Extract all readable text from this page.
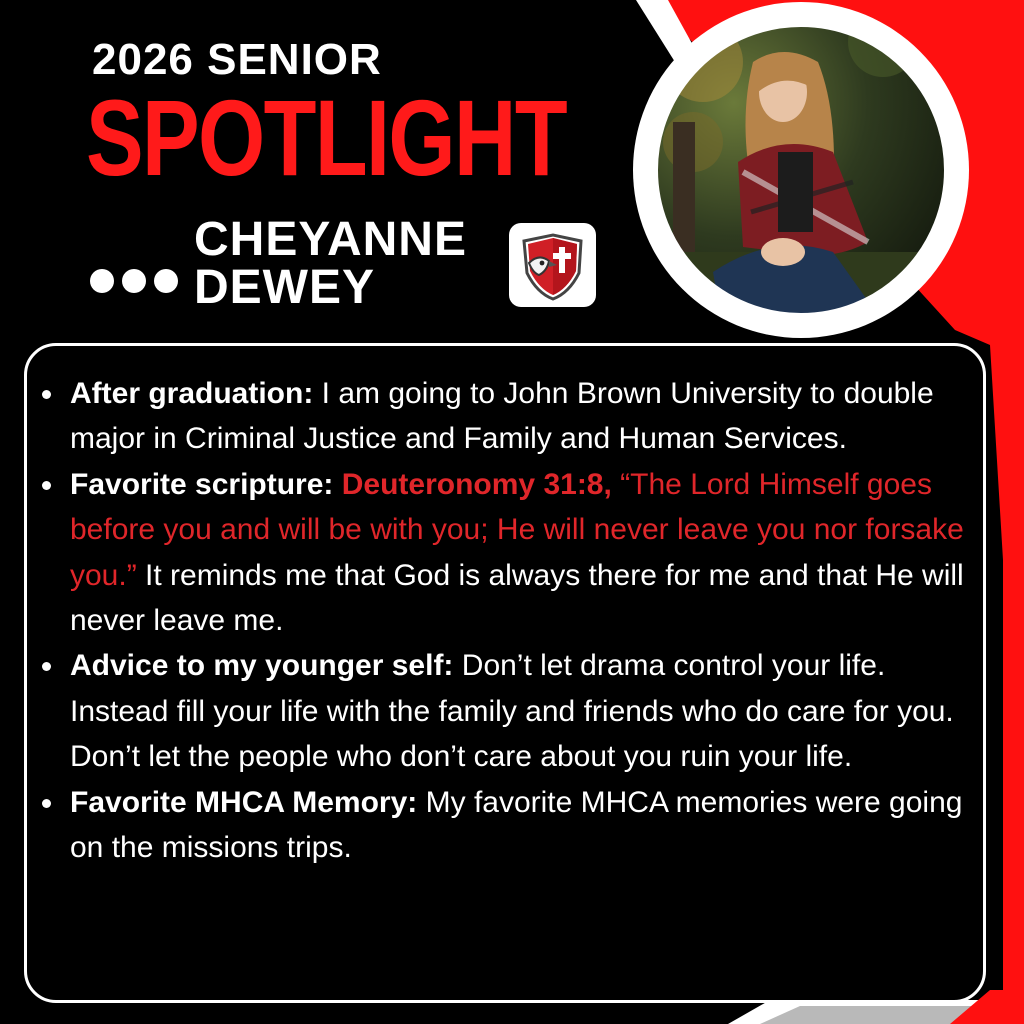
2026 SENIOR
SPOTLIGHT
CHEYANNE
DEWEY
After graduation: I am going to John Brown University to double major in Criminal Justice and Family and Human Services.
Favorite scripture: Deuteronomy 31:8, “The Lord Himself goes before you and will be with you; He will never leave you nor forsake you.” It reminds me that God is always there for me and that He will never leave me.
Advice to my younger self: Don’t let drama control your life. Instead fill your life with the family and friends who do care for you. Don’t let the people who don’t care about you ruin your life.
Favorite MHCA Memory: My favorite MHCA memories were going on the missions trips.
